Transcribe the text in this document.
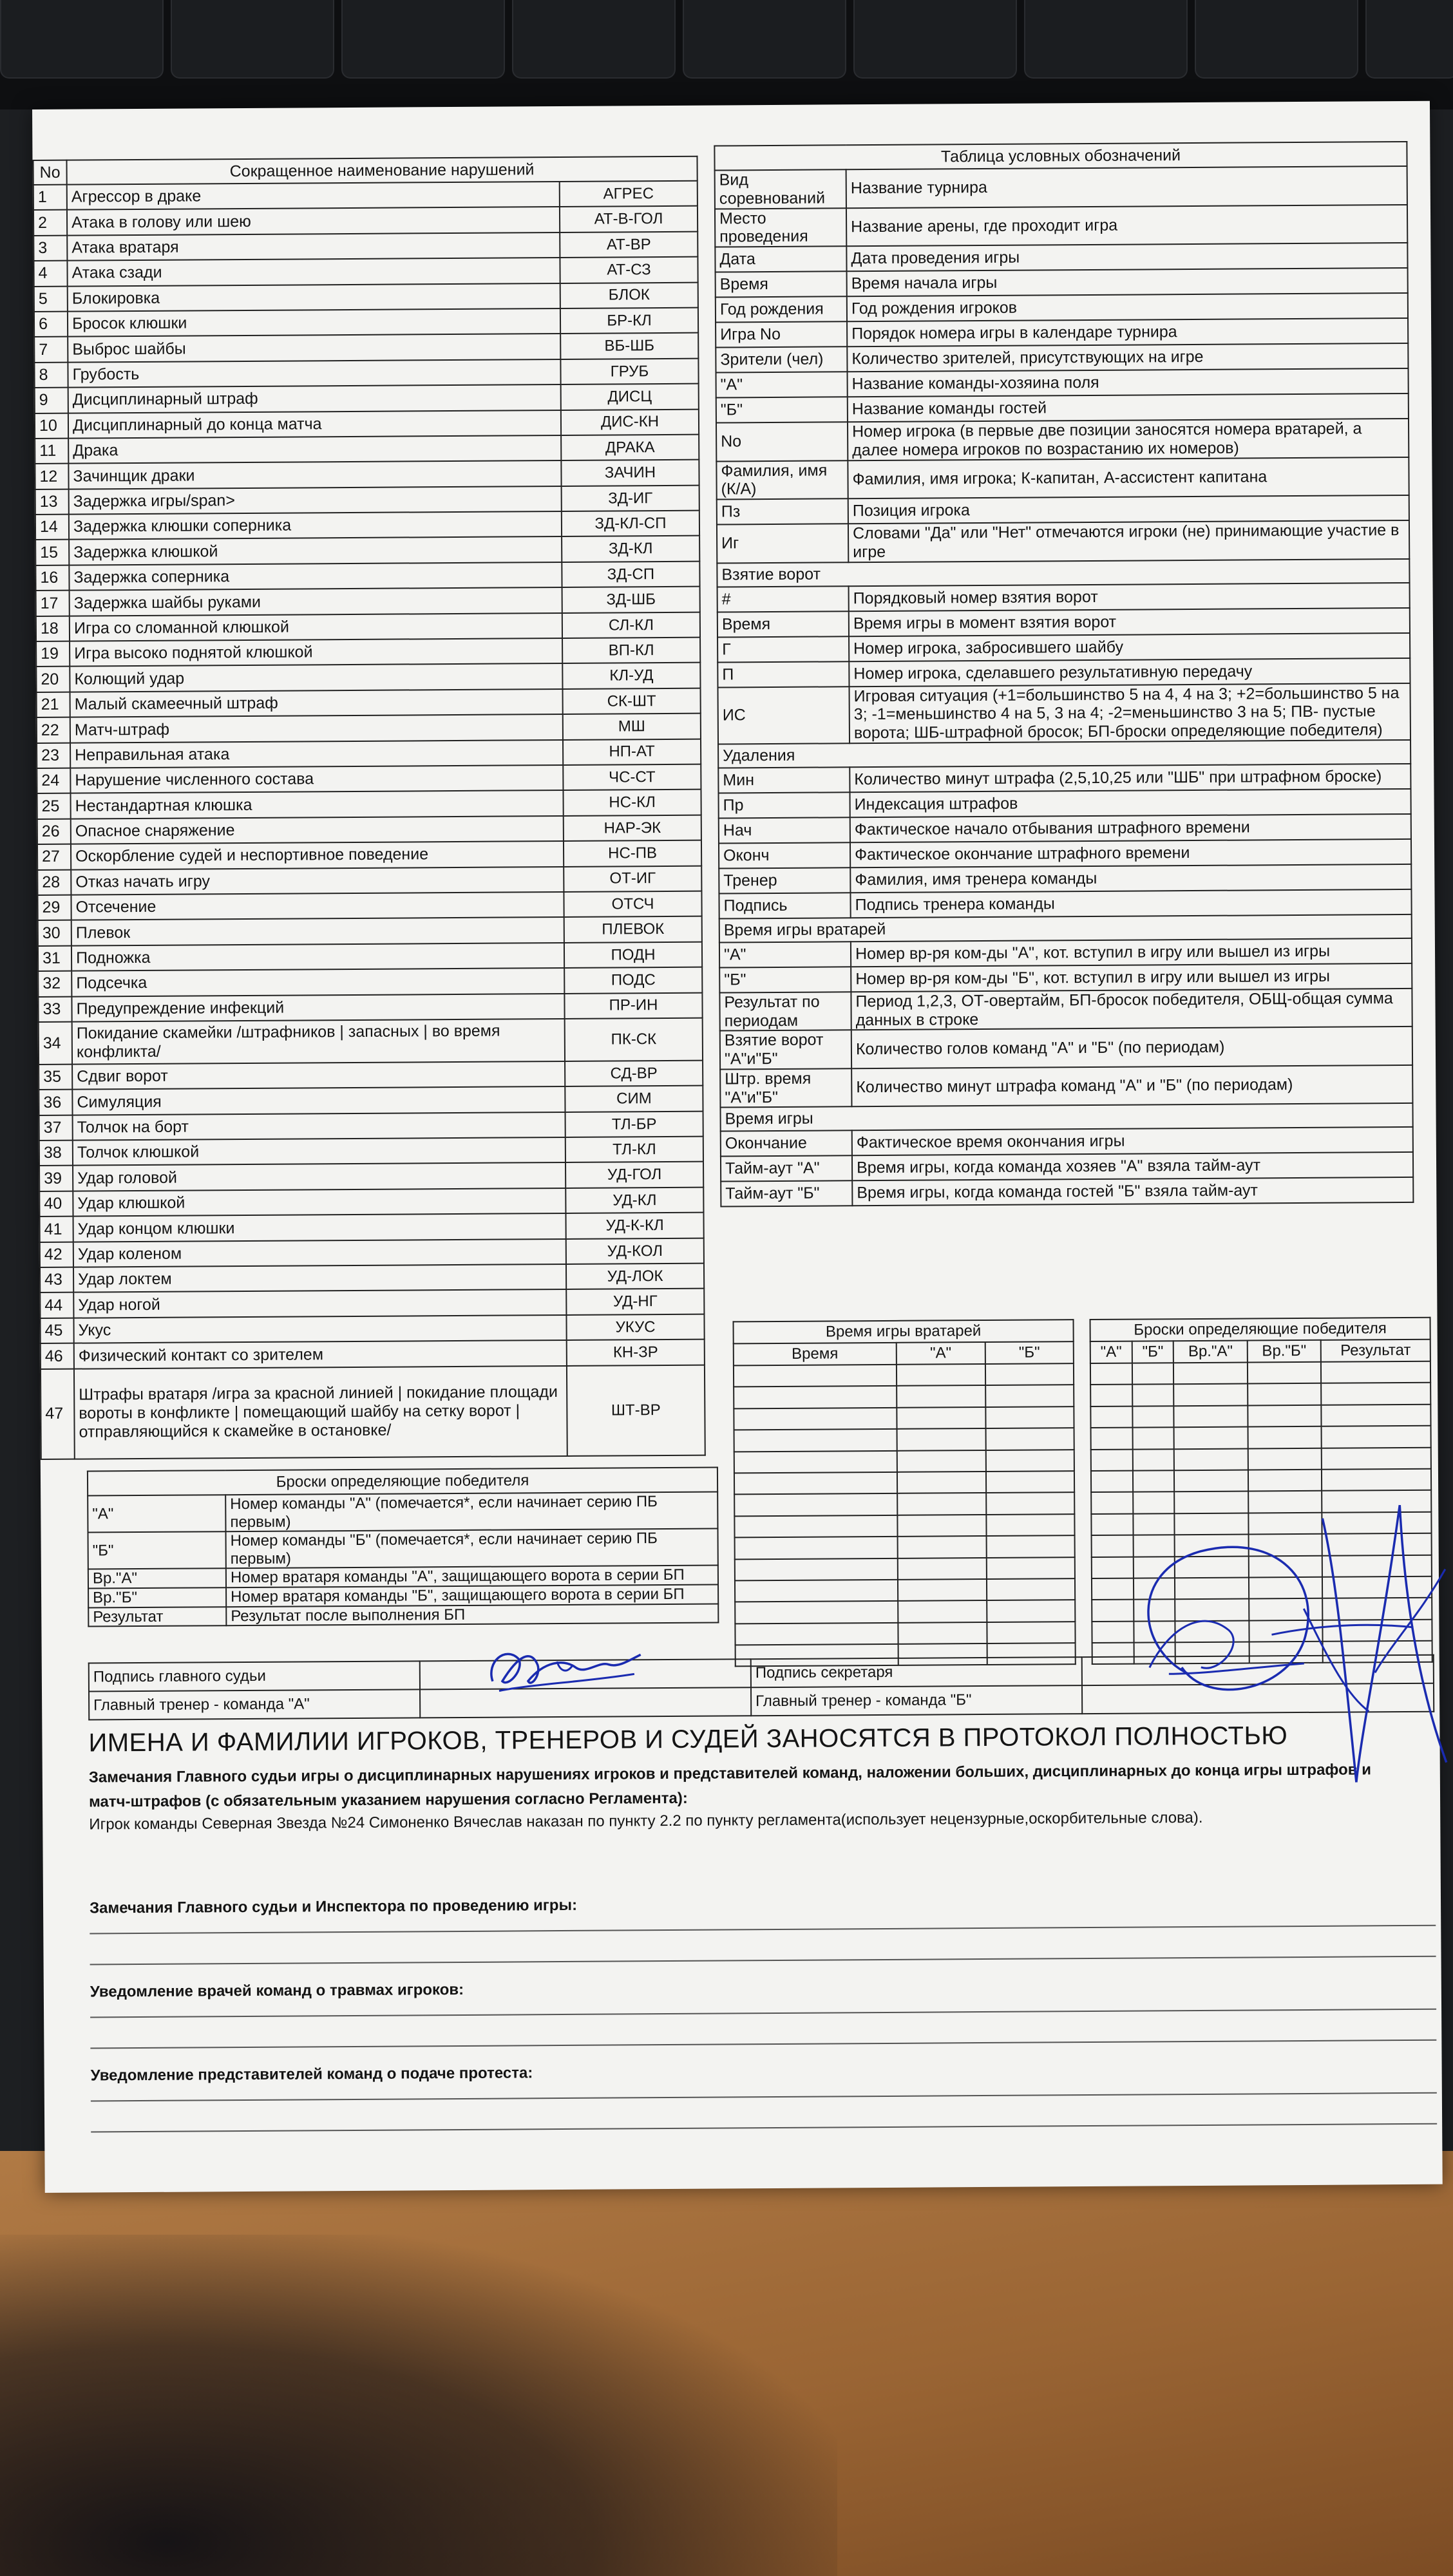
No	Сокращенное наименование нарушений	
1	Агрессор в драке	АГРЕС
2	Атака в голову или шею	АТ-В-ГОЛ
3	Атака вратаря	АТ-ВР
4	Атака сзади	АТ-СЗ
5	Блокировка	БЛОК
6	Бросок клюшки	БР-КЛ
7	Выброс шайбы	ВБ-ШБ
8	Грубость	ГРУБ
9	Дисциплинарный штраф	ДИСЦ
10	Дисциплинарный до конца матча	ДИС-КН
11	Драка	ДРАКА
12	Зачинщик драки	ЗАЧИН
13	Задержка игры/span>	ЗД-ИГ
14	Задержка клюшки соперника	ЗД-КЛ-СП
15	Задержка клюшкой	ЗД-КЛ
16	Задержка соперника	ЗД-СП
17	Задержка шайбы руками	ЗД-ШБ
18	Игра со сломанной клюшкой	СЛ-КЛ
19	Игра высоко поднятой клюшкой	ВП-КЛ
20	Колющий удар	КЛ-УД
21	Малый скамеечный штраф	СК-ШТ
22	Матч-штраф	МШ
23	Неправильная атака	НП-АТ
24	Нарушение численного состава	ЧС-СТ
25	Нестандартная клюшка	НС-КЛ
26	Опасное снаряжение	НАР-ЭК
27	Оскорбление судей и неспортивное поведение	НС-ПВ
28	Отказ начать игру	ОТ-ИГ
29	Отсечение	ОТСЧ
30	Плевок	ПЛЕВОК
31	Подножка	ПОДН
32	Подсечка	ПОДС
33	Предупреждение инфекций	ПР-ИН
34	Покидание скамейки /штрафников | запасных | во время конфликта/	ПК-СК
35	Сдвиг ворот	СД-ВР
36	Симуляция	СИМ
37	Толчок на борт	ТЛ-БР
38	Толчок клюшкой	ТЛ-КЛ
39	Удар головой	УД-ГОЛ
40	Удар клюшкой	УД-КЛ
41	Удар концом клюшки	УД-К-КЛ
42	Удар коленом	УД-КОЛ
43	Удар локтем	УД-ЛОК
44	Удар ногой	УД-НГ
45	Укус	УКУС
46	Физический контакт со зрителем	КН-ЗР
47	Штрафы вратаря /игра за красной линией | покидание площади вороты в конфликте | помещающий шайбу на сетку ворот |отправляющийся к скамейке в остановке/	ШТ-ВР
Таблица условных обозначений	
Вид соревнований	Название турнира
Место проведения	Название арены, где проходит игра
Дата	Дата проведения игры
Время	Время начала игры
Год рождения	Год рождения игроков
Игра No	Порядок номера игры в календаре турнира
Зрители (чел)	Количество зрителей, присутствующих на игре
"А"	Название команды-хозяина поля
"Б"	Название команды гостей
No	Номер игрока (в первые две позиции заносятся номера вратарей, а далее номера игроков по возрастанию их номеров)
Фамилия, имя (К/А)	Фамилия, имя игрока; К-капитан, А-ассистент капитана
Пз	Позиция игрока
Иг	Словами "Да" или "Нет" отмечаются игроки (не) принимающие участие в игре
Взятие ворот	
#	Порядковый номер взятия ворот
Время	Время игры в момент взятия ворот
Г	Номер игрока, забросившего шайбу
П	Номер игрока, сделавшего результативную передачу
ИС	Игровая ситуация (+1=большинство 5 на 4, 4 на 3; +2=большинство 5 на 3; -1=меньшинство 4 на 5, 3 на 4; -2=меньшинство 3 на 5; ПВ- пустые ворота; ШБ-штрафной бросок; БП-броски определяющие победителя)
Удаления	
Мин	Количество минут штрафа (2,5,10,25 или "ШБ" при штрафном броске)
Пр	Индексация штрафов
Нач	Фактическое начало отбывания штрафного времени
Оконч	Фактическое окончание штрафного времени
Тренер	Фамилия, имя тренера команды
Подпись	Подпись тренера команды
Время игры вратарей	
"А"	Номер вр-ря ком-ды "А", кот. вступил в игру или вышел из игры
"Б"	Номер вр-ря ком-ды "Б", кот. вступил в игру или вышел из игры
Результат по периодам	Период 1,2,3, ОТ-овертайм, БП-бросок победителя, ОБЩ-общая сумма данных в строке
Взятие ворот "А"и"Б"	Количество голов команд "А" и "Б" (по периодам)
Штр. время "А"и"Б"	Количество минут штрафа команд "А" и "Б" (по периодам)
Время игры	
Окончание	Фактическое время окончания игры
Тайм-аут "А"	Время игры, когда команда хозяев "А" взяла тайм-аут
Тайм-аут "Б"	Время игры, когда команда гостей "Б" взяла тайм-аут
Время игры вратарей		
Время	"А"	"Б"

Броски определяющие победителя				
"А"	"Б"	Вр."А"	Вр."Б"	Результат

Броски определяющие победителя	
"А"	Номер команды "А" (помечается*, если начинает серию ПБ первым)
"Б"	Номер команды "Б" (помечается*, если начинает серию ПБ первым)
Вр."А"	Номер вратаря команды "А", защищающего ворота в серии БП
Вр."Б"	Номер вратаря команды "Б", защищающего ворота в серии БП
Результат	Результат после выполнения БП
Подпись главного судьи		Подпись секретаря	
Главный тренер - команда "А"		Главный тренер - команда "Б"	
ИМЕНА И ФАМИЛИИ ИГРОКОВ, ТРЕНЕРОВ И СУДЕЙ ЗАНОСЯТСЯ В ПРОТОКОЛ ПОЛНОСТЬЮ
Замечания Главного судьи игры о дисциплинарных нарушениях игроков и представителей команд, наложении больших, дисциплинарных до конца игры штрафов и матч-штрафов (с обязательным указанием нарушения согласно Регламента):
Игрок команды Северная Звезда №24 Симоненко Вячеслав наказан по пункту 2.2 по пункту регламента(использует нецензурные,оскорбительные слова).
Замечания Главного судьи и Инспектора по проведению игры:
Уведомление врачей команд о травмах игроков:
Уведомление представителей команд о подаче протеста:
